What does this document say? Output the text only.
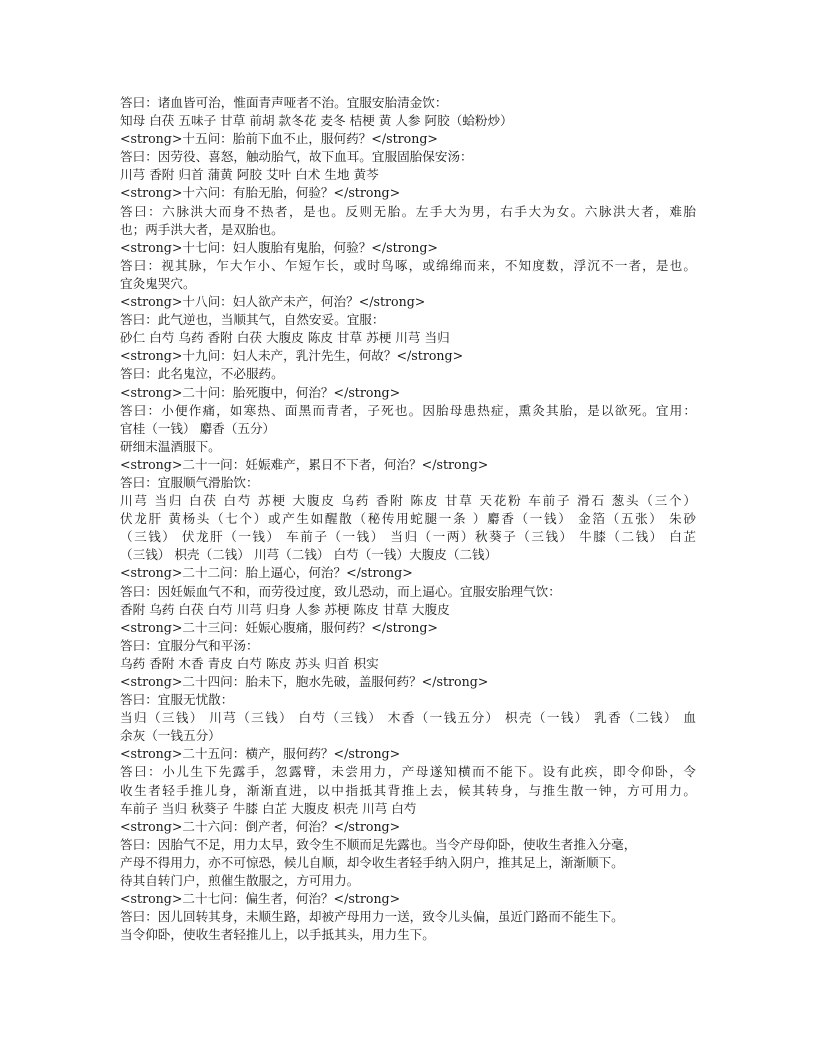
答曰：诸血皆可治，惟面青声哑者不治。宜服安胎清金饮：

知母 白茯 五味子 甘草 前胡 款冬花 麦冬 桔梗 黄 人参 阿胶（蛤粉炒）

<strong>十五问：胎前下血不止，服何药？</strong>

答曰：因劳役、喜怒，触动胎气，故下血耳。宜服固胎保安汤：

川芎 香附 归首 蒲黄 阿胶 艾叶 白术 生地 黄芩

<strong>十六问：有胎无胎，何验？</strong>

答曰：六脉洪大而身不热者，是也。反则无胎。左手大为男，右手大为女。六脉洪大者，难胎

也；两手洪大者，是双胎也。

<strong>十七问：妇人腹胎有鬼胎，何验？</strong>

答曰：视其脉，乍大乍小、乍短乍长，或时鸟啄，或绵绵而来，不知度数，浮沉不一者，是也。

宜灸鬼哭穴。

<strong>十八问：妇人欲产未产，何治？</strong>

答曰：此气逆也，当顺其气，自然安妥。宜服：

砂仁 白芍 乌药 香附 白茯 大腹皮 陈皮 甘草 苏梗 川芎 当归

<strong>十九问：妇人未产，乳汁先生，何故？</strong>

答曰：此名鬼泣，不必服药。

<strong>二十问：胎死腹中，何治？</strong>

答曰：小便作痛，如寒热、面黑而青者，子死也。因胎母患热症，熏灸其胎，是以欲死。宜用：

官桂（一钱） 麝香（五分）

研细末温酒服下。

<strong>二十一问：妊娠难产，累日不下者，何治？</strong>

答曰：宜服顺气滑胎饮：

川芎 当归 白茯 白芍 苏梗 大腹皮 乌药 香附 陈皮 甘草 天花粉 车前子 滑石 葱头（三个）

伏龙肝 黄杨头（七个）或产生如醒散（秘传用蛇腿一条 ）麝香（一钱） 金箔（五张） 朱砂

（三钱） 伏龙肝（一钱） 车前子（一钱） 当归（一两）秋葵子（三钱） 牛膝（二钱） 白芷

（三钱） 枳壳（二钱） 川芎（二钱） 白芍（一钱）大腹皮（二钱）

<strong>二十二问：胎上逼心，何治？</strong>

答曰：因妊娠血气不和，而劳役过度，致儿恐动，而上逼心。宜服安胎理气饮：

香附 乌药 白茯 白芍 川芎 归身 人参 苏梗 陈皮 甘草 大腹皮

<strong>二十三问：妊娠心腹痛，服何药？</strong>

答曰：宜服分气和平汤：

乌药 香附 木香 青皮 白芍 陈皮 苏头 归首 枳实

<strong>二十四问：胎未下，胞水先破，盖服何药？</strong>

答曰：宜服无忧散：

当归（三钱） 川芎（三钱） 白芍（三钱） 木香（一钱五分） 枳壳（一钱） 乳香（二钱） 血

余灰（一钱五分）

<strong>二十五问：横产，服何药？</strong>

答曰：小儿生下先露手，忽露臂，未尝用力，产母遂知横而不能下。设有此疾，即令仰卧，令

收生者轻手推儿身，渐渐直进，以中指抵其背推上去，候其转身，与推生散一钟，方可用力。

车前子 当归 秋葵子 牛膝 白芷 大腹皮 枳壳 川芎 白芍

<strong>二十六问：倒产者，何治？</strong>

答曰：因胎气不足，用力太早，致令生不顺而足先露也。当令产母仰卧，使收生者推入分毫，

产母不得用力，亦不可惊恐，候儿自顺，却令收生者轻手纳入阴户，推其足上，渐渐顺下。

待其自转门户，煎催生散服之，方可用力。

<strong>二十七问：偏生者，何治？</strong>

答曰：因儿回转其身，未顺生路，却被产母用力一送，致令儿头偏，虽近门路而不能生下。

当令仰卧，使收生者轻推儿上，以手抵其头，用力生下。
